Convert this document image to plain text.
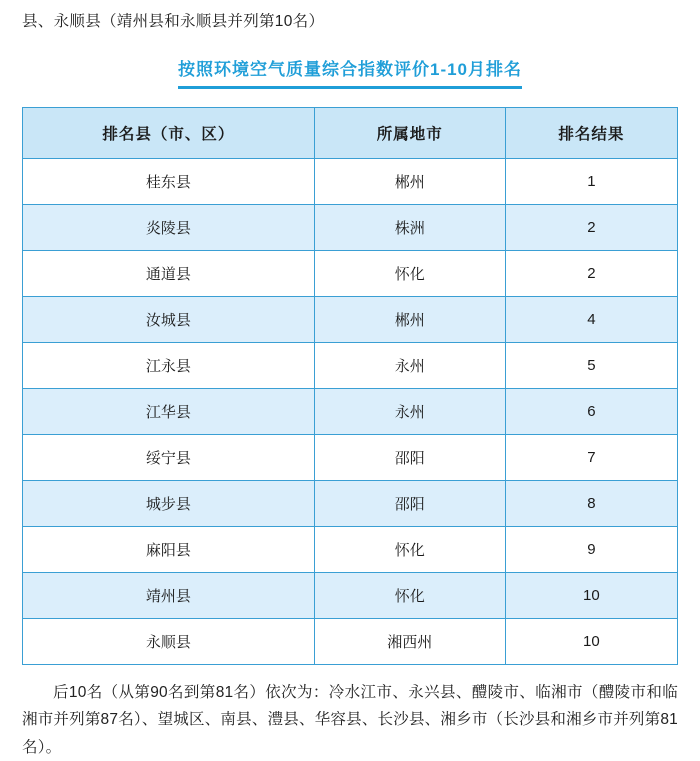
县、永顺县（靖州县和永顺县并列第10名）
按照环境空气质量综合指数评价1-10月排名
排名县（市、区）	所属地市	排名结果
桂东县	郴州	1
炎陵县	株洲	2
通道县	怀化	2
汝城县	郴州	4
江永县	永州	5
江华县	永州	6
绥宁县	邵阳	7
城步县	邵阳	8
麻阳县	怀化	9
靖州县	怀化	10
永顺县	湘西州	10
后10名（从第90名到第81名）依次为：冷水江市、永兴县、醴陵市、临湘市（醴陵市和临湘市并列第87名）、望城区、南县、澧县、华容县、长沙县、湘乡市（长沙县和湘乡市并列第81名）。
